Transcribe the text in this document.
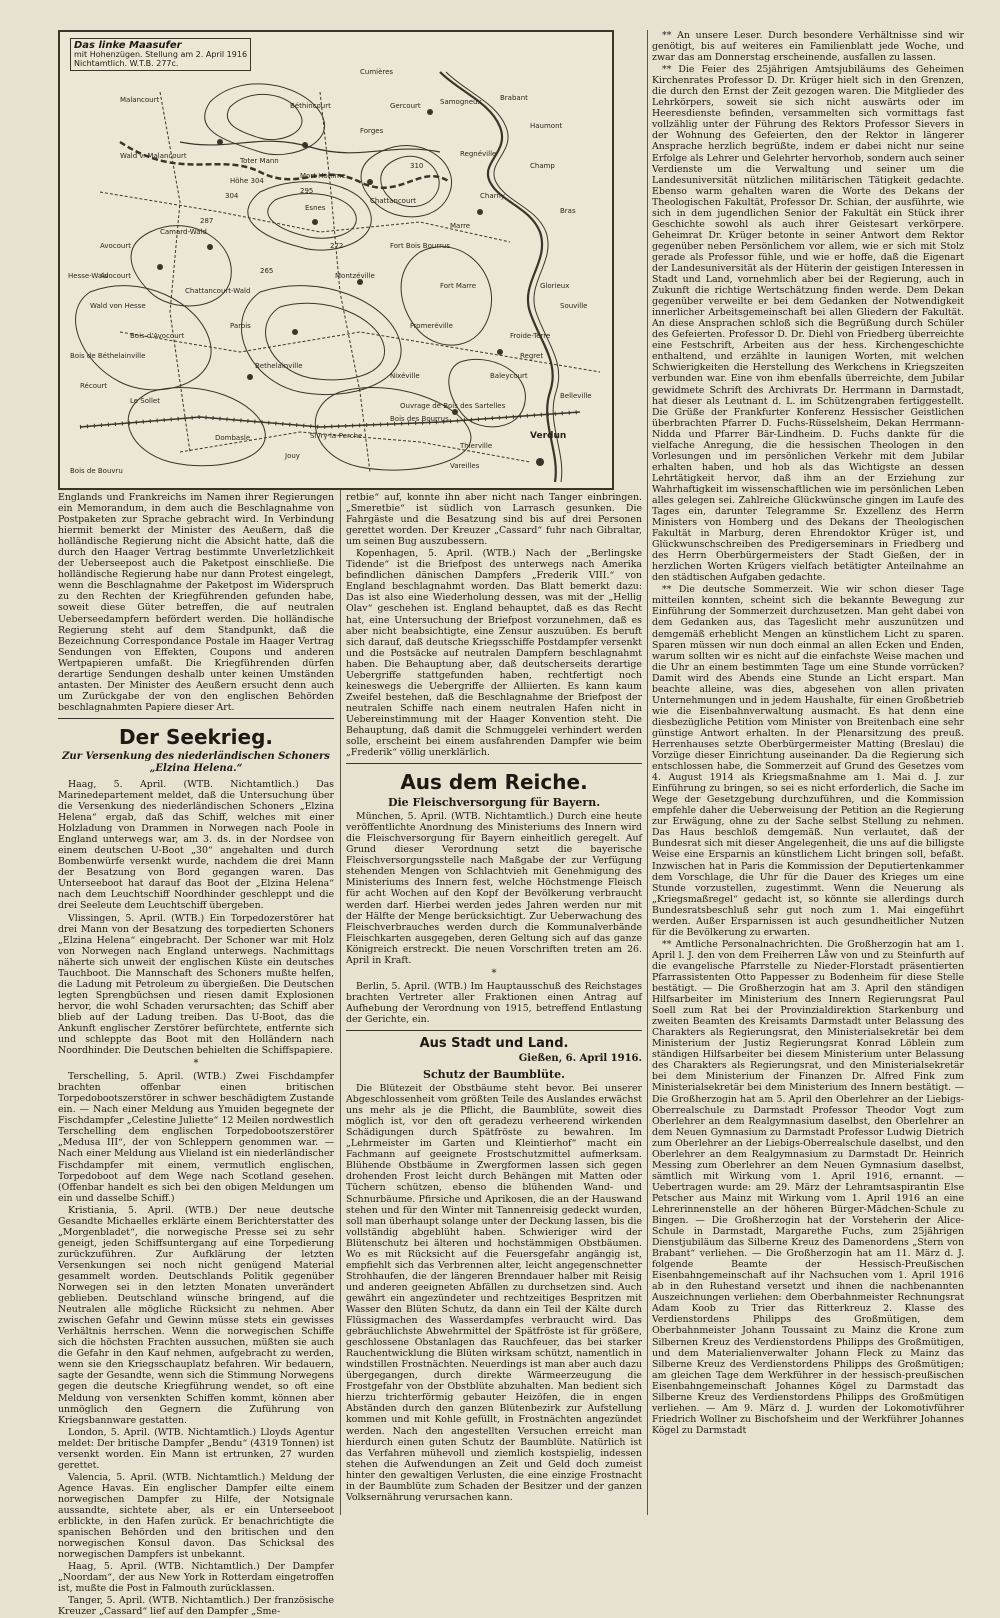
Das linke Maasufer
mit Hohenzügen. Stellung am 2. April 1916
Nichtamtlich. W.T.B. 277c.
Cumières
Samogneux	Brabant
Haumont
Malancourt
Béthincourt	Gercourt
Forges
Regnéville
Champ
Wald v. Malancourt
Höhe 304
Toter Mann
Esnes
Avocourt
Camard-Wald
Mort Homme
Chattancourt
Charny
Marre
Bras
Avocourt
Hesse-Wald
Wald von Hesse
Bois d'Avocourt
Chattancourt-Wald
Montzéville
Fromeréville
Bethelainville
Sivry-la-Perche
Bois des Bourrus
Dombasle
Jouy
Verdun
Belleville
Thierville
Regret
Baleycourt
Nixéville
Froide-Terre
Fort Marre
Fort Bois Bourrus
Souville
Glorieux
Le Sollet
Bois de Béthelainville
Bois de Bouvru
Récourt
Parois
Vareilles
Ouvrage de Bois des Sartelles
304
295
265
287
310
272

Englands und Frankreichs im Namen ihrer Regierungen ein Memorandum, in dem auch die Beschlagnahme von Postpaketen zur Sprache gebracht wird. In Verbindung hiermit bemerkt der Minister des Aeußern, daß die holländische Regierung nicht die Absicht hatte, daß die durch den Haager Vertrag bestimmte Unverletzlichkeit der Ueberseepost auch die Paketpost einschließe. Die holländische Regierung habe nur dann Protest eingelegt, wenn die Beschlagnahme der Paketpost im Widerspruch zu den Rechten der Kriegführenden gefunden habe, soweit diese Güter betreffen, die auf neutralen Ueberseedampfern befördert werden. Die holländische Regierung steht auf dem Standpunkt, daß die Bezeichnung Correspondance Postale im Haager Vertrag Sendungen von Effekten, Coupons und anderen Wertpapieren umfaßt. Die Kriegführenden dürfen derartige Sendungen deshalb unter keinen Umständen antasten. Der Minister des Aeußern ersucht denn auch um Zurückgabe der von den englischen Behörden beschlagnahmten Papiere dieser Art.

Der Seekrieg.
Zur Versenkung des niederländischen Schoners „Elzina Helena.“

Haag, 5. April. (WTB. Nichtamtlich.) Das Marinedepartement meldet, daß die Untersuchung über die Versenkung des niederländischen Schoners „Elzina Helena“ ergab, daß das Schiff, welches mit einer Holzladung von Drammen in Norwegen nach Poole in England unterwegs war, am 3. ds. in der Nordsee von einem deutschen U-Boot „30“ angehalten und durch Bombenwürfe versenkt wurde, nachdem die drei Mann der Besatzung von Bord gegangen waren. Das Unterseeboot hat darauf das Boot der „Elzina Helena“ nach dem Leuchtschiff Noordhinder geschleppt und die drei Seeleute dem Leuchtschiff übergeben.

Vlissingen, 5. April. (WTB.) Ein Torpedozerstörer hat drei Mann von der Besatzung des torpedierten Schoners „Elzina Helena“ eingebracht. Der Schoner war mit Holz von Norwegen nach England unterwegs. Nachmittags näherte sich unweit der englischen Küste ein deutsches Tauchboot. Die Mannschaft des Schoners mußte helfen, die Ladung mit Petroleum zu übergießen. Die Deutschen legten Sprengbüchsen und riesen damit Explosionen hervor, die wohl Schaden verursachten; das Schiff aber blieb auf der Ladung treiben. Das U-Boot, das die Ankunft englischer Zerstörer befürchtete, entfernte sich und schleppte das Boot mit den Holländern nach Noordhinder. Die Deutschen behielten die Schiffspapiere.

*

Terschelling, 5. April. (WTB.) Zwei Fischdampfer brachten offenbar einen britischen Torpedobootszerstörer in schwer beschädigtem Zustande ein. — Nach einer Meldung aus Ymuiden begegnete der Fischdampfer „Celestine Juliette“ 12 Meilen nordwestlich Terschelling dem englischen Torpedobootszerstörer „Medusa III“, der von Schleppern genommen war. — Nach einer Meldung aus Vlieland ist ein niederländischer Fischdampfer mit einem, vermutlich englischen, Torpedoboot auf dem Wege nach Scotland gesehen. (Offenbar handelt es sich bei den obigen Meldungen um ein und dasselbe Schiff.)

Kristiania, 5. April. (WTB.) Der neue deutsche Gesandte Michaelles erklärte einem Berichterstatter des „Morgenbladet“, die norwegische Presse sei zu sehr geneigt, jeden Schiffsuntergang auf eine Torpedierung zurückzuführen. Zur Aufklärung der letzten Versenkungen sei noch nicht genügend Material gesammelt worden. Deutschlands Politik gegenüber Norwegen sei in den letzten Monaten unverändert geblieben. Deutschland wünsche bringend, auf die Neutralen alle mögliche Rücksicht zu nehmen. Aber zwischen Gefahr und Gewinn müsse stets ein gewisses Verhältnis herrschen. Wenn die norwegischen Schiffe sich die höchsten Frachten aussuchen, müßten sie auch die Gefahr in den Kauf nehmen, aufgebracht zu werden, wenn sie den Kriegsschauplatz befahren. Wir bedauern, sagte der Gesandte, wenn sich die Stimmung Norwegens gegen die deutsche Kriegführung wendet, so oft eine Meldung von versenkten Schiffen kommt, können aber unmöglich den Gegnern die Zuführung von Kriegsbannware gestatten.

London, 5. April. (WTB. Nichtamtlich.) Lloyds Agentur meldet: Der britische Dampfer „Bendu“ (4319 Tonnen) ist versenkt worden. Ein Mann ist ertrunken, 27 wurden gerettet.

Valencia, 5. April. (WTB. Nichtamtlich.) Meldung der Agence Havas. Ein englischer Dampfer eilte einem norwegischen Dampfer zu Hilfe, der Notsignale aussandte, sichtete aber, als er ein Unterseeboot erblickte, in den Hafen zurück. Er benachrichtigte die spanischen Behörden und den britischen und den norwegischen Konsul davon. Das Schicksal des norwegischen Dampfers ist unbekannt.

Haag, 5. April. (WTB. Nichtamtlich.) Der Dampfer „Noordam“, der aus New York in Rotterdam eingetroffen ist, mußte die Post in Falmouth zurücklassen.

Tanger, 5. April. (WTB. Nichtamtlich.) Der französische Kreuzer „Cassard“ lief auf den Dampfer „Sme-

retbie“ auf, konnte ihn aber nicht nach Tanger einbringen. „Smeretbie“ ist südlich von Larrasch gesunken. Die Fahrgäste und die Besatzung sind bis auf drei Personen gerettet worden. Der Kreuzer „Cassard“ fuhr nach Gibraltar, um seinen Bug auszubessern.

Kopenhagen, 5. April. (WTB.) Nach der „Berlingske Tidende“ ist die Briefpost des unterwegs nach Amerika befindlichen dänischen Dampfers „Frederik VIII.“ von England beschlagnahmt worden. Das Blatt bemerkt dazu: Das ist also eine Wiederholung dessen, was mit der „Hellig Olav“ geschehen ist. England behauptet, daß es das Recht hat, eine Untersuchung der Briefpost vorzunehmen, daß es aber nicht beabsichtigte, eine Zensur auszuüben. Es beruft sich darauf, daß deutsche Kriegsschiffe Postdampfer versenkt und die Postsäcke auf neutralen Dampfern beschlagnahmt haben. Die Behauptung aber, daß deutscherseits derartige Uebergriffe stattgefunden haben, rechtfertigt noch keineswegs die Uebergriffe der Alliierten. Es kann kaum Zweifel bestehen, daß die Beschlagnahme der Briefpost der neutralen Schiffe nach einem neutralen Hafen nicht in Uebereinstimmung mit der Haager Konvention steht. Die Behauptung, daß damit die Schmuggelei verhindert werden solle, erscheint bei einem ausfahrenden Dampfer wie beim „Frederik“ völlig unerklärlich.

Aus dem Reiche.
Die Fleischversorgung für Bayern.

München, 5. April. (WTB. Nichtamtlich.) Durch eine heute veröffentlichte Anordnung des Ministeriums des Innern wird die Fleischversorgung für Bayern einheitlich geregelt. Auf Grund dieser Verordnung setzt die bayerische Fleischversorgungsstelle nach Maßgabe der zur Verfügung stehenden Mengen von Schlachtvieh mit Genehmigung des Ministeriums des Innern fest, welche Höchstmenge Fleisch für acht Wochen auf den Kopf der Bevölkerung verbraucht werden darf. Hierbei werden jedes Jahren werden nur mit der Hälfte der Menge berücksichtigt. Zur Ueberwachung des Fleischverbrauches werden durch die Kommunalverbände Fleischkarten ausgegeben, deren Geltung sich auf das ganze Königreich erstreckt. Die neuen Vorschriften treten am 26. April in Kraft.

*

Berlin, 5. April. (WTB.) Im Hauptausschuß des Reichstages brachten Vertreter aller Fraktionen einen Antrag auf Aufhebung der Verordnung von 1915, betreffend Entlastung der Gerichte, ein.

Aus Stadt und Land.
Gießen, 6. April 1916.
Schutz der Baumblüte.

Die Blütezeit der Obstbäume steht bevor. Bei unserer Abgeschlossenheit vom größten Teile des Auslandes erwächst uns mehr als je die Pflicht, die Baumblüte, soweit dies möglich ist, vor den oft geradezu verheerend wirkenden Schädigungen durch Spätfröste zu bewahren. Im „Lehrmeister im Garten und Kleintierhof“ macht ein Fachmann auf geeignete Frostschutzmittel aufmerksam. Blühende Obstbäume in Zwergformen lassen sich gegen drohenden Frost leicht durch Behängen mit Matten oder Tüchern schützen, ebenso die blühenden Wand- und Schnurbäume. Pfirsiche und Aprikosen, die an der Hauswand stehen und für den Winter mit Tannenreisig gedeckt wurden, soll man überhaupt solange unter der Deckung lassen, bis die vollständig abgeblüht haben. Schwieriger wird der Blütenschutz bei älteren und hochstämmigen Obstbäumen. Wo es mit Rücksicht auf die Feuersgefahr angängig ist, empfiehlt sich das Verbrennen alter, leicht angegenschnetter Strohhaufen, die der längeren Brenndauer halber mit Reisig und anderen geeigneten Abfällen zu durchsetzen sind. Auch gewährt ein angezündeter und rechtzeitiges Bespritzen mit Wasser den Blüten Schutz, da dann ein Teil der Kälte durch Flüssigmachen des Wasserdampfes verbraucht wird. Das gebräuchlichste Abwehrmittel der Spätfröste ist für größere, geschlossene Obstanlagen das Rauchfeuer, das bei starker Rauchentwicklung die Blüten wirksam schützt, namentlich in windstillen Frostnächten. Neuerdings ist man aber auch dazu übergegangen, durch direkte Wärmeerzeugung die Frostgefahr von der Obstblüte abzuhalten. Man bedient sich hierzu trichterförmig gebauter Heizöfen, die in engen Abständen durch den ganzen Blütenbezirk zur Aufstellung kommen und mit Kohle gefüllt, in Frostnächten angezündet werden. Nach den angestellten Versuchen erreicht man hierdurch einen guten Schutz der Baumblüte. Natürlich ist das Verfahren mühevoll und ziemlich kostspielig, indessen stehen die Aufwendungen an Zeit und Geld doch zumeist hinter den gewaltigen Verlusten, die eine einzige Frostnacht in der Baumblüte zum Schaden der Besitzer und der ganzen Volksernährung verursachen kann.

** An unsere Leser. Durch besondere Verhältnisse sind wir genötigt, bis auf weiteres ein Familienblatt jede Woche, und zwar das am Donnerstag erscheinende, ausfallen zu lassen.

** Die Feier des 25jährigen Amtsjubiläums des Geheimen Kirchenrates Professor D. Dr. Krüger hielt sich in den Grenzen, die durch den Ernst der Zeit gezogen waren. Die Mitglieder des Lehrkörpers, soweit sie sich nicht auswärts oder im Heeresdienste befinden, versammelten sich vormittags fast vollzählig unter der Führung des Rektors Professor Sievers in der Wohnung des Gefeierten, den der Rektor in längerer Ansprache herzlich begrüßte, indem er dabei nicht nur seine Erfolge als Lehrer und Gelehrter hervorhob, sondern auch seiner Verdienste um die Verwaltung und seiner um die Landesuniversität nützlichen militärischen Tätigkeit gedachte. Ebenso warm gehalten waren die Worte des Dekans der Theologischen Fakultät, Professor Dr. Schian, der ausführte, wie sich in dem jugendlichen Senior der Fakultät ein Stück ihrer Geschichte sowohl als auch ihrer Geistesart verkörpere. Geheimrat Dr. Krüger betonte in seiner Antwort dem Rektor gegenüber neben Persönlichem vor allem, wie er sich mit Stolz gerade als Professor fühle, und wie er hoffe, daß die Eigenart der Landesuniversität als der Hüterin der geistigen Interessen in Stadt und Land, vornehmlich aber bei der Regierung, auch in Zukunft die richtige Wertschätzung finden werde. Dem Dekan gegenüber verweilte er bei dem Gedanken der Notwendigkeit innerlicher Arbeitsgemeinschaft bei allen Gliedern der Fakultät. An diese Ansprachen schloß sich die Begrüßung durch Schüler des Gefeierten. Professor D. Dr. Diehl von Friedberg überreichte eine Festschrift, Arbeiten aus der hess. Kirchengeschichte enthaltend, und erzählte in launigen Worten, mit welchen Schwierigkeiten die Herstellung des Werkchens in Kriegszeiten verbunden war. Eine von ihm ebenfalls überreichte, dem Jubilar gewidmete Schrift des Archivrats Dr. Herrmann in Darmstadt, hat dieser als Leutnant d. L. im Schützengraben fertiggestellt. Die Grüße der Frankfurter Konferenz Hessischer Geistlichen überbrachten Pfarrer D. Fuchs-Rüsselsheim, Dekan Herrmann-Nidda und Pfarrer Bär-Lindheim. D. Fuchs dankte für die vielfache Anregung, die die hessischen Theologen in den Vorlesungen und im persönlichen Verkehr mit dem Jubilar erhalten haben, und hob als das Wichtigste an dessen Lehrtätigkeit hervor, daß ihm an der Erziehung zur Wahrhaftigkeit im wissenschaftlichen wie im persönlichen Leben alles gelegen sei. Zahlreiche Glückwünsche gingen im Laufe des Tages ein, darunter Telegramme Sr. Exzellenz des Herrn Ministers von Homberg und des Dekans der Theologischen Fakultät in Marburg, deren Ehrendoktor Krüger ist, und Glückwunschschreiben des Predigerseminars in Friedberg und des Herrn Oberbürgermeisters der Stadt Gießen, der in herzlichen Worten Krügers vielfach betätigter Anteilnahme an den städtischen Aufgaben gedachte.

** Die deutsche Sommerzeit. Wie wir schon dieser Tage mitteilen konnten, scheint sich die bekannte Bewegung zur Einführung der Sommerzeit durchzusetzen. Man geht dabei von dem Gedanken aus, das Tageslicht mehr auszunützen und demgemäß erheblicht Mengen an künstlichem Licht zu sparen. Sparen müssen wir nun doch einmal an allen Ecken und Enden, warum sollten wir es nicht auf die einfachste Weise machen und die Uhr an einem bestimmten Tage um eine Stunde vorrücken? Damit wird des Abends eine Stunde an Licht erspart. Man beachte alleine, was dies, abgesehen von allen privaten Unternehmungen und in jedem Haushalte, für einen Großbetrieb wie die Eisenbahnverwaltung ausmacht. Es hat denn eine diesbezügliche Petition vom Minister von Breitenbach eine sehr günstige Antwort erhalten. In der Plenarsitzung des preuß. Herrenhauses setzte Oberbürgermeister Matting (Breslau) die Vorzüge dieser Einrichtung auseinander. Da die Regierung sich entschlossen habe, die Sommerzeit auf Grund des Gesetzes vom 4. August 1914 als Kriegsmaßnahme am 1. Mai d. J. zur Einführung zu bringen, so sei es nicht erforderlich, die Sache im Wege der Gesetzgebung durchzuführen, und die Kommission empfehle daher die Ueberweisung der Petition an die Regierung zur Erwägung, ohne zu der Sache selbst Stellung zu nehmen. Das Haus beschloß demgemäß. Nun verlautet, daß der Bundesrat sich mit dieser Angelegenheit, die uns auf die billigste Weise eine Ersparnis an künstlichem Licht bringen soll, befaßt. Inzwischen hat in Paris die Kommission der Deputiertenkammer dem Vorschlage, die Uhr für die Dauer des Krieges um eine Stunde vorzustellen, zugestimmt. Wenn die Neuerung als „Kriegsmaßregel“ gedacht ist, so könnte sie allerdings durch Bundesratsbeschluß sehr gut noch zum 1. Mai eingeführt werden. Außer Ersparnissen ist auch gesundheitlicher Nutzen für die Bevölkerung zu erwarten.

** Amtliche Personalnachrichten. Die Großherzogin hat am 1. April l. J. den von dem Freiherren Låw von und zu Steinfurth auf die evangelische Pfarrstelle zu Nieder-Florstadt präsentierten Pfarrassistenten Otto Pappesser zu Bodenheim für diese Stelle bestätigt. — Die Großherzogin hat am 3. April den ständigen Hilfsarbeiter im Ministerium des Innern Regierungsrat Paul Soell zum Rat bei der Provinzialdirektion Starkenburg und zweiten Beamten des Kreisamts Darmstadt unter Belassung des Charakters als Regierungsrat, den Ministerialsekretär bei dem Ministerium der Justiz Regierungsrat Konrad Löblein zum ständigen Hilfsarbeiter bei diesem Ministerium unter Belassung des Charakters als Regierungsrat, und den Ministerialsekretär bei dem Ministerium der Finanzen Dr. Alfred Fink zum Ministerialsekretär bei dem Ministerium des Innern bestätigt. — Die Großherzogin hat am 5. April den Oberlehrer an der Liebigs-Oberrealschule zu Darmstadt Professor Theodor Vogt zum Oberlehrer an dem Realgymnasium daselbst, den Oberlehrer an dem Neuen Gymnasium zu Darmstadt Professor Ludwig Dietrich zum Oberlehrer an der Liebigs-Oberrealschule daselbst, und den Oberlehrer an dem Realgymnasium zu Darmstadt Dr. Heinrich Messing zum Oberlehrer an dem Neuen Gymnasium daselbst, sämtlich mit Wirkung vom 1. April 1916, ernannt. — Uebertragen wurde: am 29. März der Lehramtsaspirantin Else Petscher aus Mainz mit Wirkung vom 1. April 1916 an eine Lehrerinnenstelle an der höheren Bürger-Mädchen-Schule zu Bingen. — Die Großherzogin hat der Vorsteherin der Alice-Schule in Darmstadt, Margarethe Fuchs, zum 25jährigen Dienstjubiläum das Silberne Kreuz des Damenordens „Stern von Brabant“ verliehen. — Die Großherzogin hat am 11. März d. J. folgende Beamte der Hessisch-Preußischen Eisenbahngemeinschaft auf ihr Nachsuchen vom 1. April 1916 ab in den Ruhestand versetzt und ihnen die nachbenannten Auszeichnungen verliehen: dem Oberbahnmeister Rechnungsrat Adam Koob zu Trier das Ritterkreuz 2. Klasse des Verdienstordens Philipps des Großmütigen, dem Oberbahnmeister Johann Toussaint zu Mainz die Krone zum Silbernen Kreuz des Verdienstordens Philipps des Großmütigen, und dem Materialienverwalter Johann Fleck zu Mainz das Silberne Kreuz des Verdienstordens Philipps des Großmütigen; am gleichen Tage dem Werkführer in der hessisch-preußischen Eisenbahngemeinschaft Johannes Kögel zu Darmstadt das Silberne Kreuz des Verdienstordens Philipps des Großmütigen verliehen. — Am 9. März d. J. wurden der Lokomotivführer Friedrich Wollner zu Bischofsheim und der Werkführer Johannes Kögel zu Darmstadt
